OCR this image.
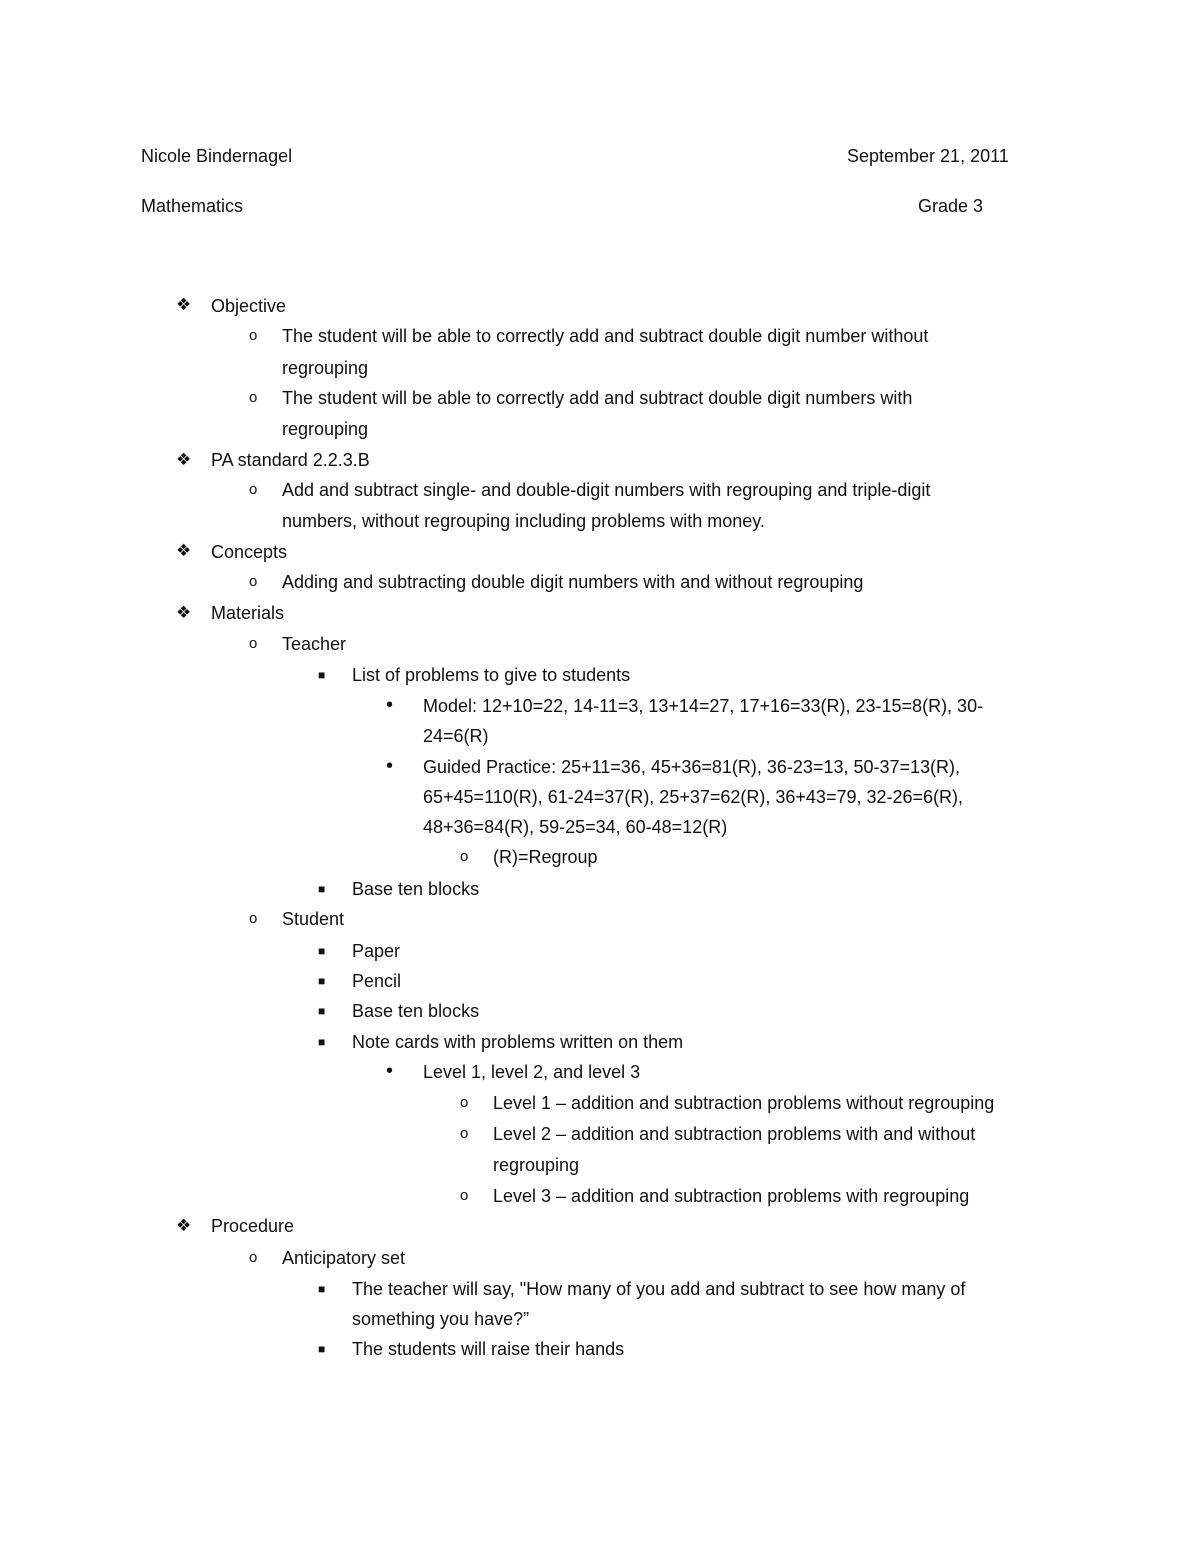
Nicole Bindernagel	September 21, 2011
Mathematics	Grade 3
❖ Objective
o The student will be able to correctly add and subtract double digit number without
regrouping
o The student will be able to correctly add and subtract double digit numbers with
regrouping
❖ PA standard 2.2.3.B
o Add and subtract single- and double-digit numbers with regrouping and triple-digit
numbers, without regrouping including problems with money.
❖ Concepts
o Adding and subtracting double digit numbers with and without regrouping
❖ Materials
o Teacher
■ List of problems to give to students
• Model: 12+10=22, 14-11=3, 13+14=27, 17+16=33(R), 23-15=8(R), 30-
24=6(R)
• Guided Practice: 25+11=36, 45+36=81(R), 36-23=13, 50-37=13(R),
65+45=110(R), 61-24=37(R), 25+37=62(R), 36+43=79, 32-26=6(R),
48+36=84(R), 59-25=34, 60-48=12(R)
o (R)=Regroup
■ Base ten blocks
o Student
■ Paper
■ Pencil
■ Base ten blocks
■ Note cards with problems written on them
• Level 1, level 2, and level 3
o Level 1 – addition and subtraction problems without regrouping
o Level 2 – addition and subtraction problems with and without
regrouping
o Level 3 – addition and subtraction problems with regrouping
❖ Procedure
o Anticipatory set
■ The teacher will say, "How many of you add and subtract to see how many of
something you have?”
■ The students will raise their hands
